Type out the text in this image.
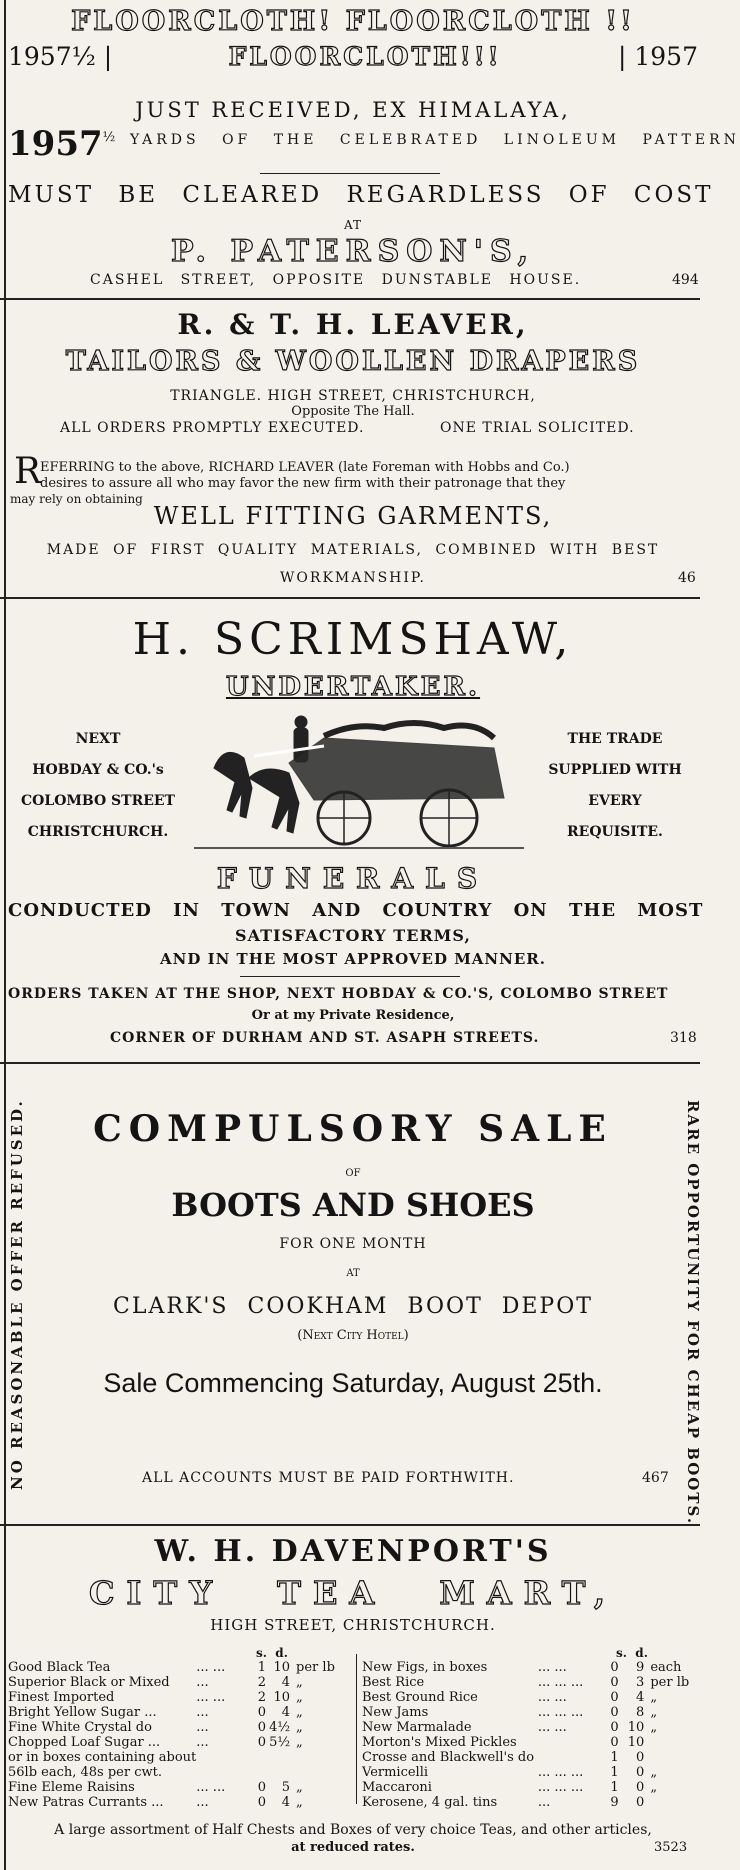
FLOORCLOTH! FLOORCLOTH !!
1957½ |	FLOORCLOTH!!!	| 1957
JUST RECEIVED, EX HIMALAYA,
$1957^{\frac{1}{2}}$ YARDS OF THE CELEBRATED LINOLEUM PATTERN
MUST BE CLEARED REGARDLESS OF COST
AT
P. PATERSON'S,
CASHEL STREET, OPPOSITE DUNSTABLE HOUSE.	494
R. & T. H. LEAVER,
TAILORS & WOOLLEN DRAPERS
TRIANGLE. HIGH STREET, CHRISTCHURCH,
Opposite The Hall.
ALL ORDERS PROMPTLY EXECUTED.	ONE TRIAL SOLICITED.
R
EFERRING to the above, RICHARD LEAVER (late Foreman with Hobbs and Co.)
desires to assure all who may favor the new firm with their patronage that they
may rely on obtaining
WELL FITTING GARMENTS,
MADE OF FIRST QUALITY MATERIALS, COMBINED WITH BEST
WORKMANSHIP.	46
H. SCRIMSHAW,
UNDERTAKER.
NEXT
HOBDAY & CO.'s
COLOMBO STREET
CHRISTCHURCH.
THE TRADE
SUPPLIED WITH
EVERY
REQUISITE.
FUNERALS
CONDUCTED IN TOWN AND COUNTRY ON THE MOST
SATISFACTORY TERMS,
AND IN THE MOST APPROVED MANNER.
ORDERS TAKEN AT THE SHOP, NEXT HOBDAY & CO.'S, COLOMBO STREET
Or at my Private Residence,
CORNER OF DURHAM AND ST. ASAPH STREETS.	318
NO REASONABLE OFFER REFUSED.	RARE OPPORTUNITY FOR CHEAP BOOTS.
COMPULSORY SALE
OF
BOOTS AND SHOES
FOR ONE MONTH
AT
CLARK'S COOKHAM BOOT DEPOT
(Next City Hotel)
Sale Commencing Saturday, August 25th.
ALL ACCOUNTS MUST BE PAID FORTHWITH.	467
W. H. DAVENPORT'S
CITY TEA MART,
HIGH STREET, CHRISTCHURCH.
s. d.
Good Black Tea	... ...	1	10	per lb
Superior Black or Mixed	...	2	4	„
Finest Imported	... ...	2	10	„
Bright Yellow Sugar ...	...	0	4	„
Fine White Crystal do	...	0	4½	„
Chopped Loaf Sugar ...	...	0	5½	„
or in boxes containing about				
56lb each, 48s per cwt.				
Fine Eleme Raisins	... ...	0	5	„
New Patras Currants ...	...	0	4	„
s. d.
New Figs, in boxes	... ...	0	9	each
Best Rice	... ... ...	0	3	per lb
Best Ground Rice	... ...	0	4	„
New Jams	... ... ...	0	8	„
New Marmalade	... ...	0	10	„
Morton's Mixed Pickles		0	10	
Crosse and Blackwell's do		1	0	
Vermicelli	... ... ...	1	0	„
Maccaroni	... ... ...	1	0	„
Kerosene, 4 gal. tins	...	9	0	
A large assortment of Half Chests and Boxes of very choice Teas, and other articles,
at reduced rates.	3523
